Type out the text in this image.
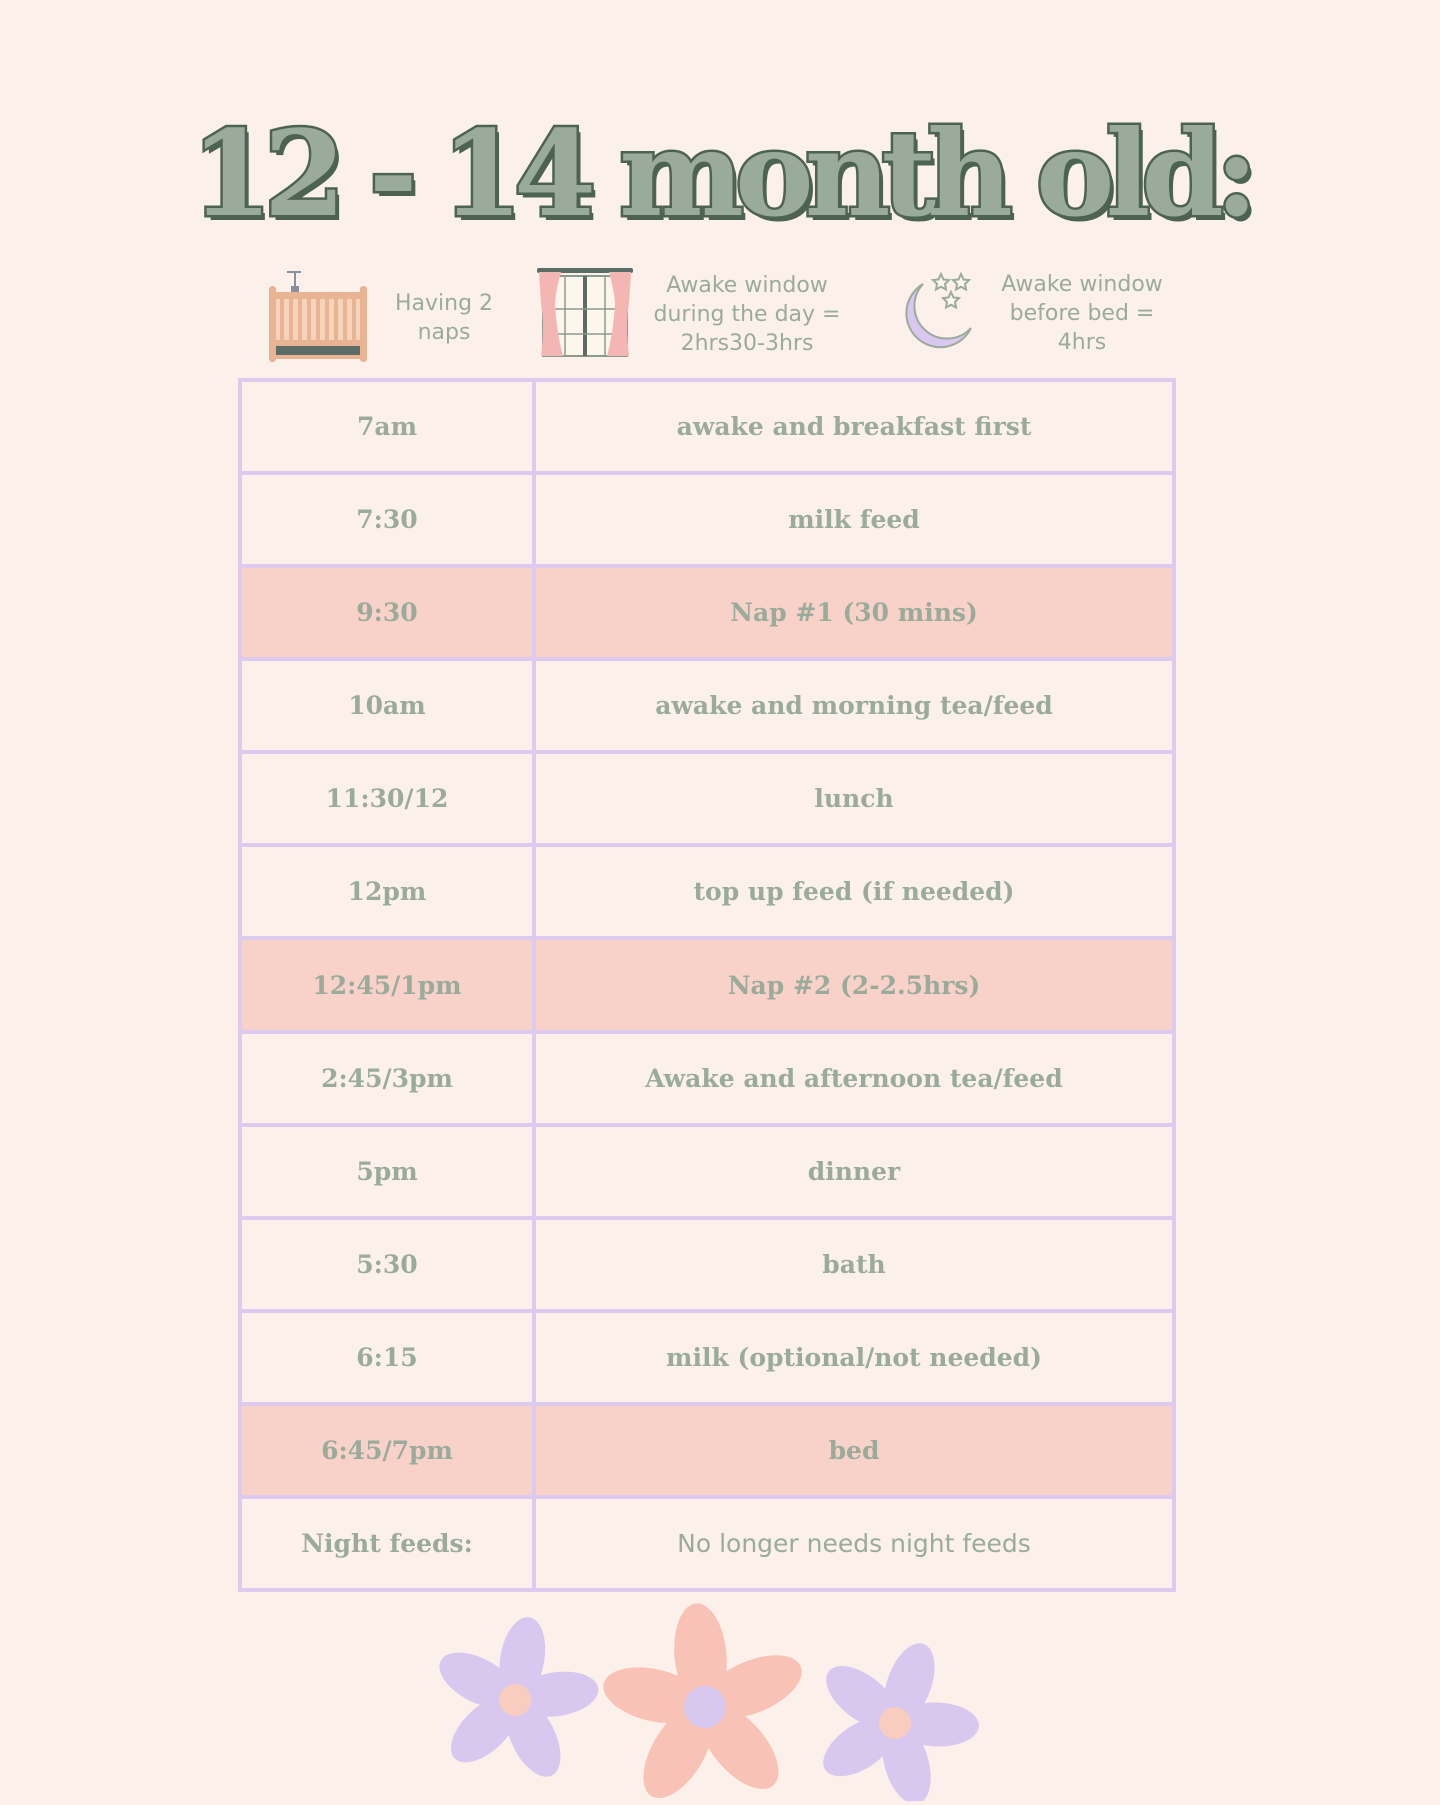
12 - 14 month old:
Having 2 naps
Awake window during the day = 2hrs30-3hrs
Awake window before bed = 4hrs
7am	awake and breakfast first
7:30	milk feed
9:30	Nap #1 (30 mins)
10am	awake and morning tea/feed
11:30/12	lunch
12pm	top up feed (if needed)
12:45/1pm	Nap #2 (2-2.5hrs)
2:45/3pm	Awake and afternoon tea/feed
5pm	dinner
5:30	bath
6:15	milk (optional/not needed)
6:45/7pm	bed
Night feeds:	No longer needs night feeds
